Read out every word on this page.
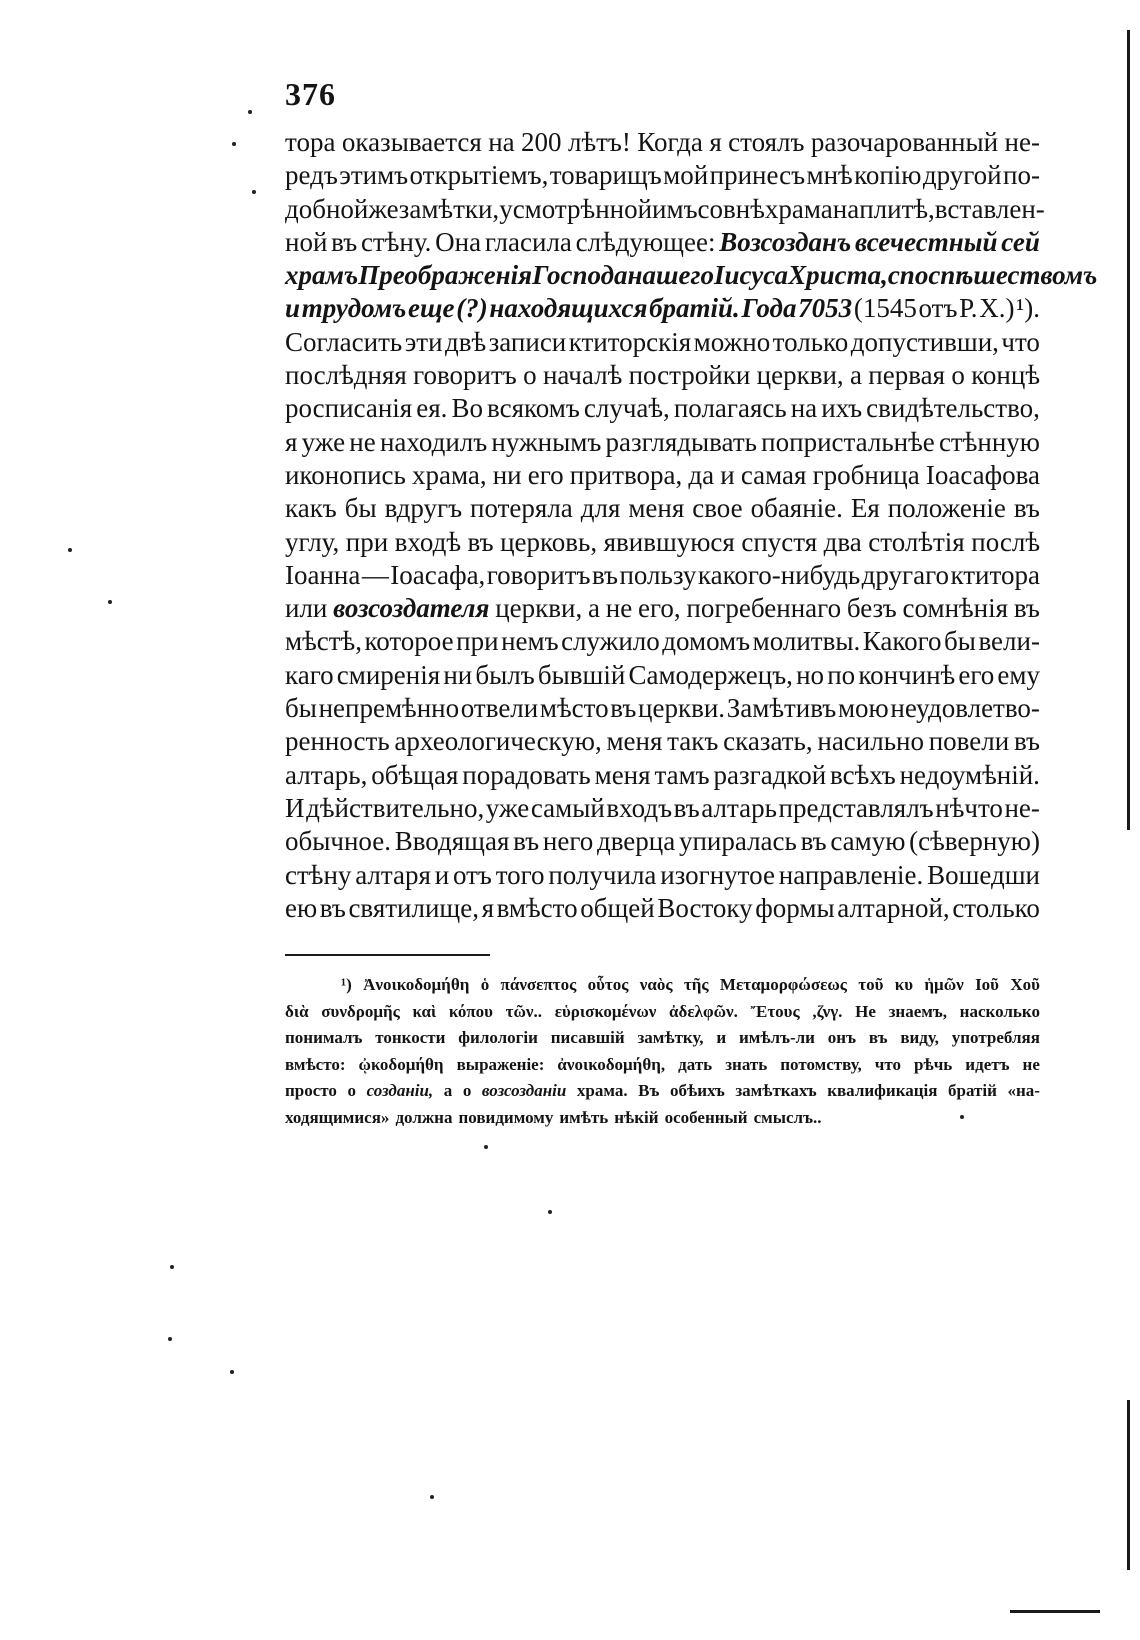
376
тора оказывается на 200 лѣтъ! Когда я стоялъ разочарованный не-
редъ этимъ открытіемъ, товарищъ мой принесъ мнѣ копію другой по-
добной же замѣтки, усмотрѣнной имъ со внѣ храма на плитѣ, вставлен-
ной въ стѣну. Она гласила слѣдующее: Возсозданъ всечестный сей
храмъ Преображенія Господа нашего Іисуса Христа, споспѣшествомъ
и трудомъ еще (?) находящихся братій. Года 7053 (1545 отъ Р. Х.) ¹).
Согласить эти двѣ записи ктиторскія можно только допустивши, что
послѣдняя говоритъ о началѣ постройки церкви, а первая о концѣ
росписанія ея. Во всякомъ случаѣ, полагаясь на ихъ свидѣтельство,
я уже не находилъ нужнымъ разглядывать попристальнѣе стѣнную
иконопись храма, ни его притвора, да и самая гробница Іоасафова
какъ бы вдругъ потеряла для меня свое обаяніе. Ея положеніе въ
углу, при входѣ въ церковь, явившуюся спустя два столѣтія послѣ
Іоанна — Іоасафа, говоритъ въ пользу какого-нибудь другаго ктитора
или возсоздателя церкви, а не его, погребеннаго безъ сомнѣнія въ
мѣстѣ, которое при немъ служило домомъ молитвы. Какого бы вели-
каго смиренія ни былъ бывшій Самодержецъ, но по кончинѣ его ему
бы непремѣнно отвели мѣсто въ церкви. Замѣтивъ мою неудовлетво-
ренность археологическую, меня такъ сказать, насильно повели въ
алтарь, обѣщая порадовать меня тамъ разгадкой всѣхъ недоумѣній.
И дѣйствительно, уже самый входъ въ алтарь представлялъ нѣчто не-
обычное. Вводящая въ него дверца упиралась въ самую (сѣверную)
стѣну алтаря и отъ того получила изогнутое направленіе. Вошедши
ею въ святилище, я вмѣсто общей Востоку формы алтарной, столько
¹) Ἀνοικοδομήθη ὁ πάνσεπτος οὗτος ναὸς τῆς Μεταμορφώσεως τοῦ κυ ἡμῶν Ιοῦ Χοῦ
διὰ συνδρομῆς καὶ κόπου τῶν.. εὑρισκομένων ἀδελφῶν. Ἔτους ,ζνγ. Не знаемъ, насколько
понималъ тонкости филологіи писавшій замѣтку, и имѣлъ-ли онъ въ виду, употребляя
вмѣсто: ᾠκοδομήθη выраженіе: ἀνοικοδομήθη, дать знать потомству, что рѣчь идетъ не
просто о созданіи, а о возсозданіи храма. Въ обѣихъ замѣткахъ квалификація братій «на-
ходящимися» должна повидимому имѣть нѣкій особенный смыслъ..
